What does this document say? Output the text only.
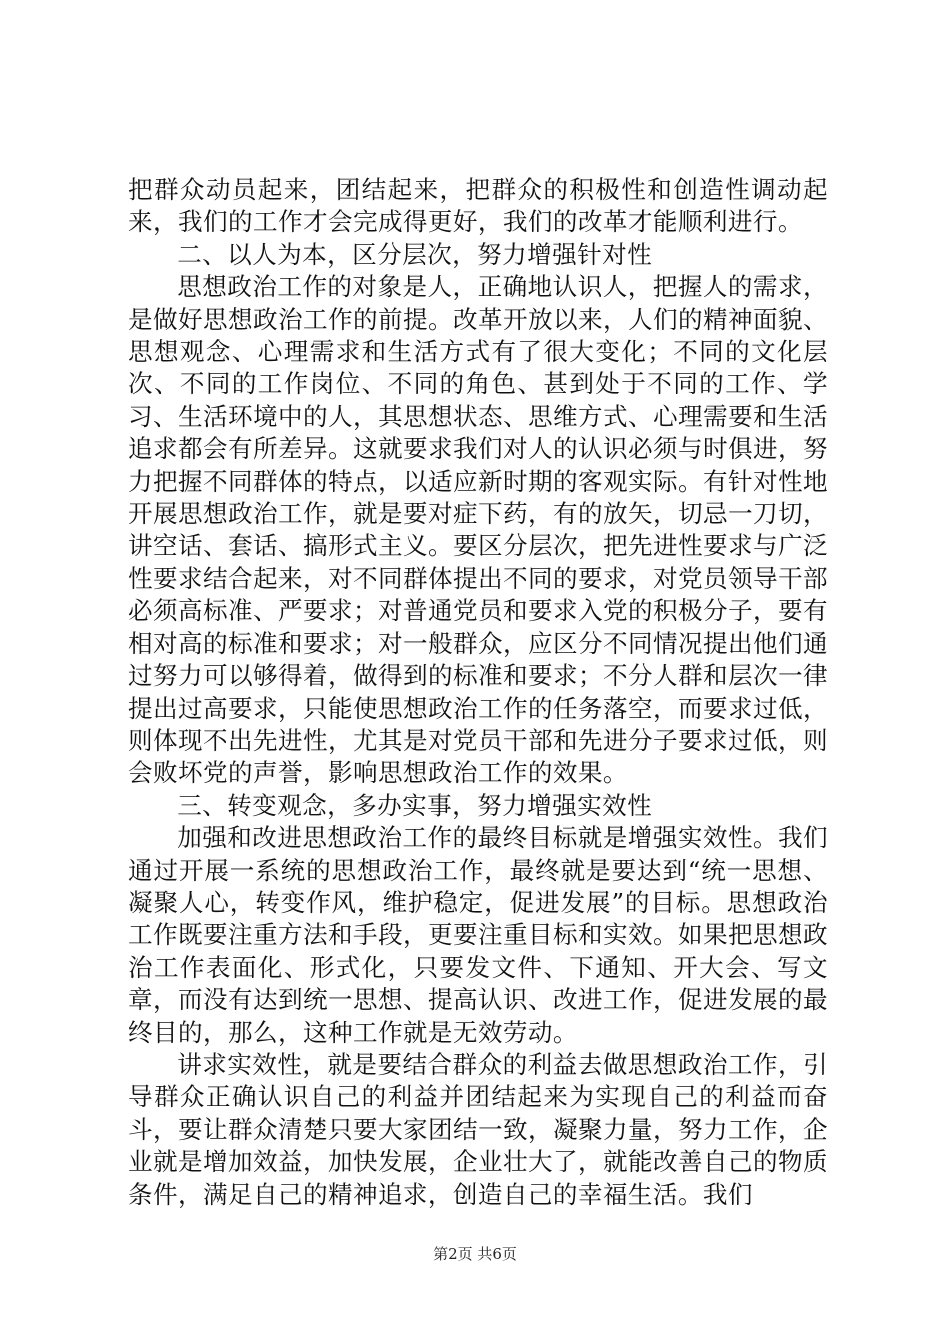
把群众动员起来，团结起来，把群众的积极性和创造性调动起来，我们的工作才会完成得更好，我们的改革才能顺利进行。

二、以人为本，区分层次，努力增强针对性

思想政治工作的对象是人，正确地认识人，把握人的需求，是做好思想政治工作的前提。改革开放以来，人们的精神面貌、思想观念、心理需求和生活方式有了很大变化；不同的文化层次、不同的工作岗位、不同的角色、甚到处于不同的工作、学习、生活环境中的人，其思想状态、思维方式、心理需要和生活追求都会有所差异。这就要求我们对人的认识必须与时俱进，努力把握不同群体的特点，以适应新时期的客观实际。有针对性地开展思想政治工作，就是要对症下药，有的放矢，切忌一刀切，讲空话、套话、搞形式主义。要区分层次，把先进性要求与广泛性要求结合起来，对不同群体提出不同的要求，对党员领导干部必须高标准、严要求；对普通党员和要求入党的积极分子，要有相对高的标准和要求；对一般群众，应区分不同情况提出他们通过努力可以够得着，做得到的标准和要求；不分人群和层次一律提出过高要求，只能使思想政治工作的任务落空，而要求过低，则体现不出先进性，尤其是对党员干部和先进分子要求过低，则会败坏党的声誉，影响思想政治工作的效果。

三、转变观念，多办实事，努力增强实效性

加强和改进思想政治工作的最终目标就是增强实效性。我们通过开展一系统的思想政治工作，最终就是要达到“统一思想、凝聚人心，转变作风，维护稳定，促进发展”的目标。思想政治工作既要注重方法和手段，更要注重目标和实效。如果把思想政治工作表面化、形式化，只要发文件、下通知、开大会、写文章，而没有达到统一思想、提高认识、改进工作，促进发展的最终目的，那么，这种工作就是无效劳动。

讲求实效性，就是要结合群众的利益去做思想政治工作，引导群众正确认识自己的利益并团结起来为实现自己的利益而奋斗，要让群众清楚只要大家团结一致，凝聚力量，努力工作，企业就是增加效益，加快发展，企业壮大了，就能改善自己的物质条件，满足自己的精神追求，创造自己的幸福生活。我们

第2页 共6页
